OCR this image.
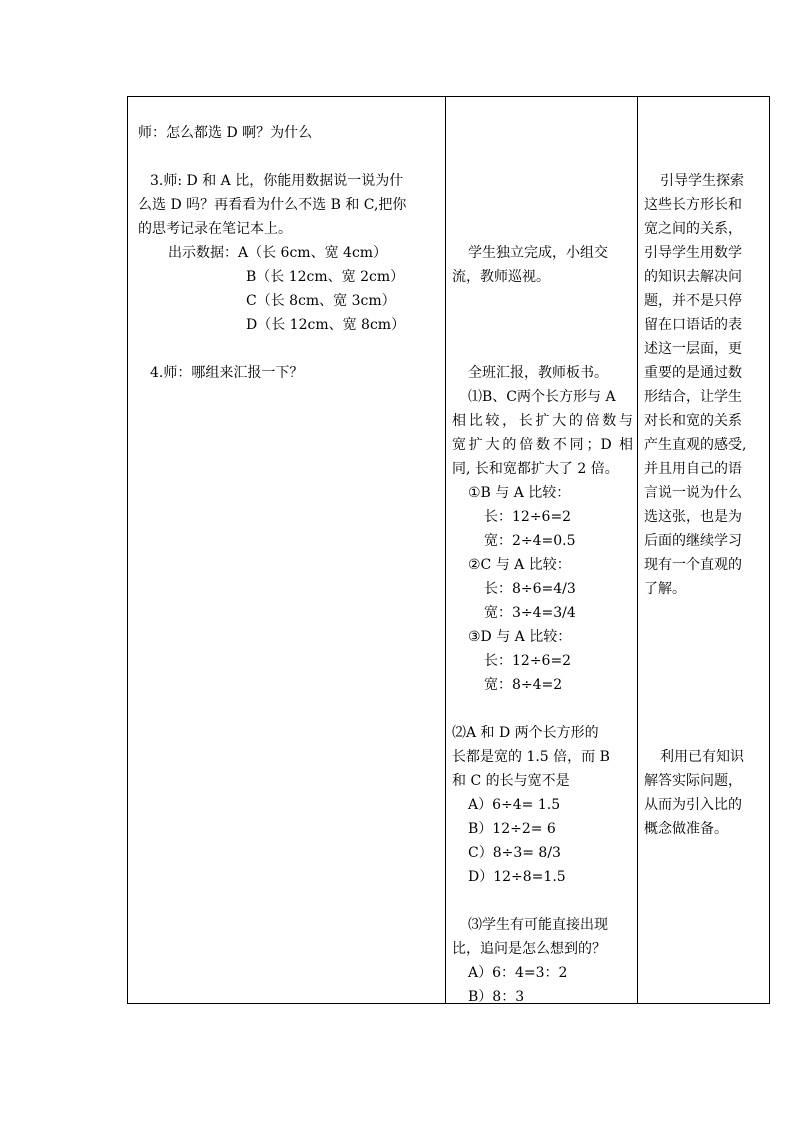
师：怎么都选 D 啊？为什么
3.师: D 和 A 比，你能用数据说一说为什
么选 D 吗？再看看为什么不选 B 和 C,把你
的思考记录在笔记本上。
出示数据： A（长 6cm、宽 4cm）
B（长 12cm、宽 2cm）
C（长 8cm、宽 3cm）
D（长 12cm、宽 8cm）
4.师：哪组来汇报一下？
学生独立完成，小组交
流，教师巡视。
全班汇报，教师板书。
⑴B、C两个长方形与 A
相比较，长扩大的倍数与
宽扩大的倍数不同；D 相
同, 长和宽都扩大了 2 倍。
①B 与 A 比较：
长：12÷6=2
宽：2÷4=0.5
②C 与 A 比较：
长：8÷6=4/3
宽：3÷4=3/4
③D 与 A 比较：
长：12÷6=2
宽：8÷4=2
⑵A 和 D 两个长方形的
长都是宽的 1.5 倍，而 B
和 C 的长与宽不是
A）6÷4= 1.5
B）12÷2= 6
C）8÷3= 8/3
D）12÷8=1.5
⑶学生有可能直接出现
比，追问是怎么想到的？
A）6：4=3：2
B）8：3
引导学生探索
这些长方形长和
宽之间的关系，
引导学生用数学
的知识去解决问
题，并不是只停
留在口语话的表
述这一层面，更
重要的是通过数
形结合，让学生
对长和宽的关系
产生直观的感受,
并且用自己的语
言说一说为什么
选这张，也是为
后面的继续学习
现有一个直观的
了解。
利用已有知识
解答实际问题，
从而为引入比的
概念做准备。
